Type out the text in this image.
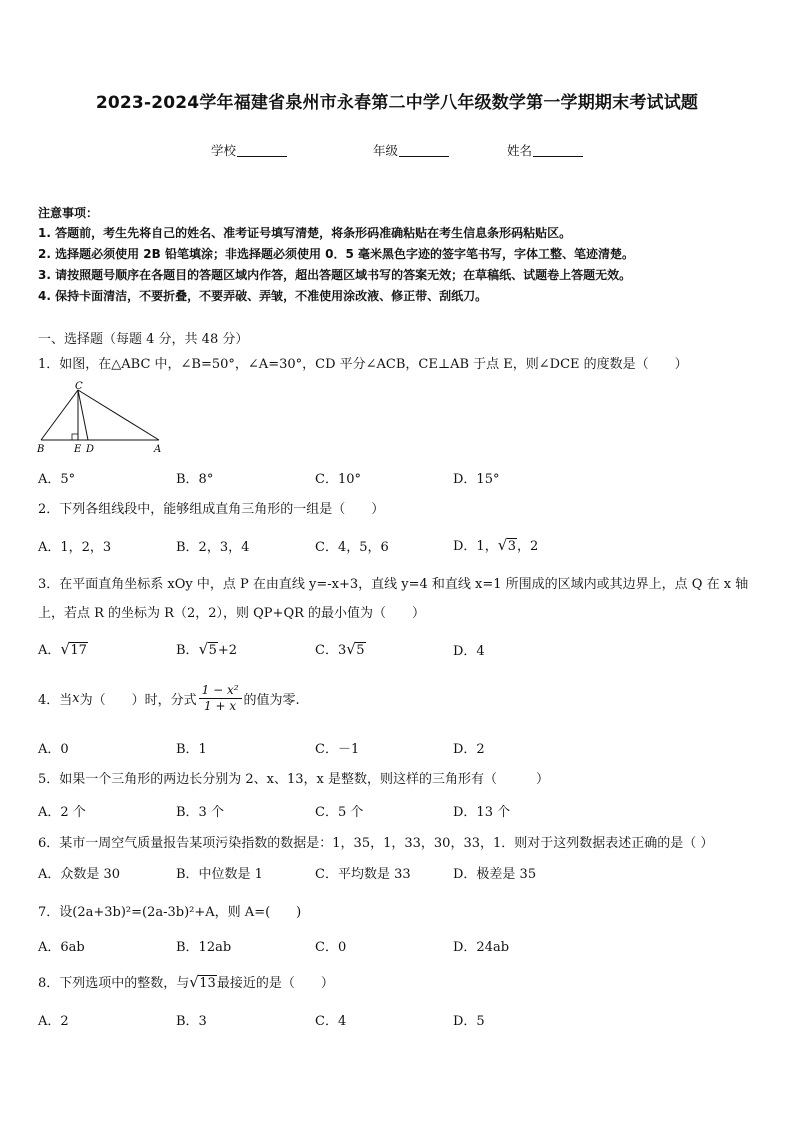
2023-2024学年福建省泉州市永春第二中学八年级数学第一学期期末考试试题
学校	年级	姓名
注意事项：
1. 答题前，考生先将自己的姓名、准考证号填写清楚，将条形码准确粘贴在考生信息条形码粘贴区。
2. 选择题必须使用 2B 铅笔填涂；非选择题必须使用 0．5 毫米黑色字迹的签字笔书写，字体工整、笔迹清楚。
3. 请按照题号顺序在各题目的答题区域内作答，超出答题区域书写的答案无效；在草稿纸、试题卷上答题无效。
4. 保持卡面清洁，不要折叠，不要弄破、弄皱，不准使用涂改液、修正带、刮纸刀。
一、选择题（每题 4 分，共 48 分）
1．如图，在△ABC 中，∠B=50°，∠A=30°，CD 平分∠ACB，CE⊥AB 于点 E，则∠DCE 的度数是（　　）
C
B	E D	A
A．5°	B．8°	C．10°	D．15°
2．下列各组线段中，能够组成直角三角形的一组是（　　）
A．1，2，3	B．2，3，4	C．4，5，6	D．1， √ 3，2
3．在平面直角坐标系 xOy 中，点 P 在由直线 y=-x+3，直线 y=4 和直线 x=1 所围成的区域内或其边界上，点 Q 在 x 轴
上，若点 R 的坐标为 R（2，2），则 QP+QR 的最小值为（　　）
A． √ 17	B． √ 5+2	C．3 √ 5	D．4
4．当x为（　　）时，分式 $\frac{\text{1 − x²}}{1 + x}$ 的值为零.
A．0	B．1	C．－1	D．2
5．如果一个三角形的两边长分别为 2、x、13，x 是整数，则这样的三角形有（　　　）
A．2 个	B．3 个	C．5 个	D．13 个
6．某市一周空气质量报告某项污染指数的数据是：1，35，1，33，30，33，1．则对于这列数据表述正确的是（ ）
A．众数是 30	B．中位数是 1	C．平均数是 33	D．极差是 35
7．设(2a+3b)²=(2a-3b)²+A，则 A=(　　)
A．6ab	B．12ab	C．0	D．24ab
8．下列选项中的整数，与 √ 13最接近的是（　　）
A．2	B．3	C．4	D．5
